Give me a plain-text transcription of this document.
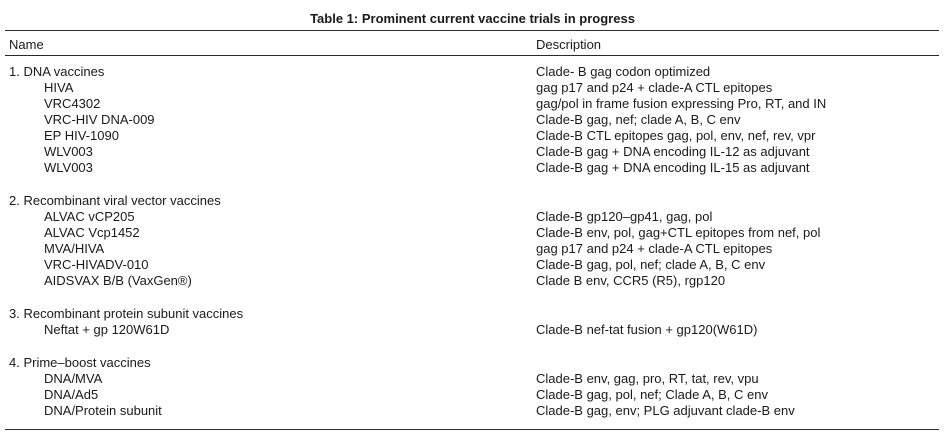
Table 1: Prominent current vaccine trials in progress
Name	Description
1. DNA vaccines	Clade- B gag codon optimized
HIVA	gag p17 and p24 + clade-A CTL epitopes
VRC4302	gag/pol in frame fusion expressing Pro, RT, and IN
VRC-HIV DNA-009	Clade-B gag, nef; clade A, B, C env
EP HIV-1090	Clade-B CTL epitopes gag, pol, env, nef, rev, vpr
WLV003	Clade-B gag + DNA encoding IL-12 as adjuvant
WLV003	Clade-B gag + DNA encoding IL-15 as adjuvant
2. Recombinant viral vector vaccines
ALVAC vCP205	Clade-B gp120–gp41, gag, pol
ALVAC Vcp1452	Clade-B env, pol, gag+CTL epitopes from nef, pol
MVA/HIVA	gag p17 and p24 + clade-A CTL epitopes
VRC-HIVADV-010	Clade-B gag, pol, nef; clade A, B, C env
AIDSVAX B/B (VaxGen®)	Clade B env, CCR5 (R5), rgp120
3. Recombinant protein subunit vaccines
Neftat + gp 120W61D	Clade-B nef-tat fusion + gp120(W61D)
4. Prime–boost vaccines
DNA/MVA	Clade-B env, gag, pro, RT, tat, rev, vpu
DNA/Ad5	Clade-B gag, pol, nef; Clade A, B, C env
DNA/Protein subunit	Clade-B gag, env; PLG adjuvant clade-B env
